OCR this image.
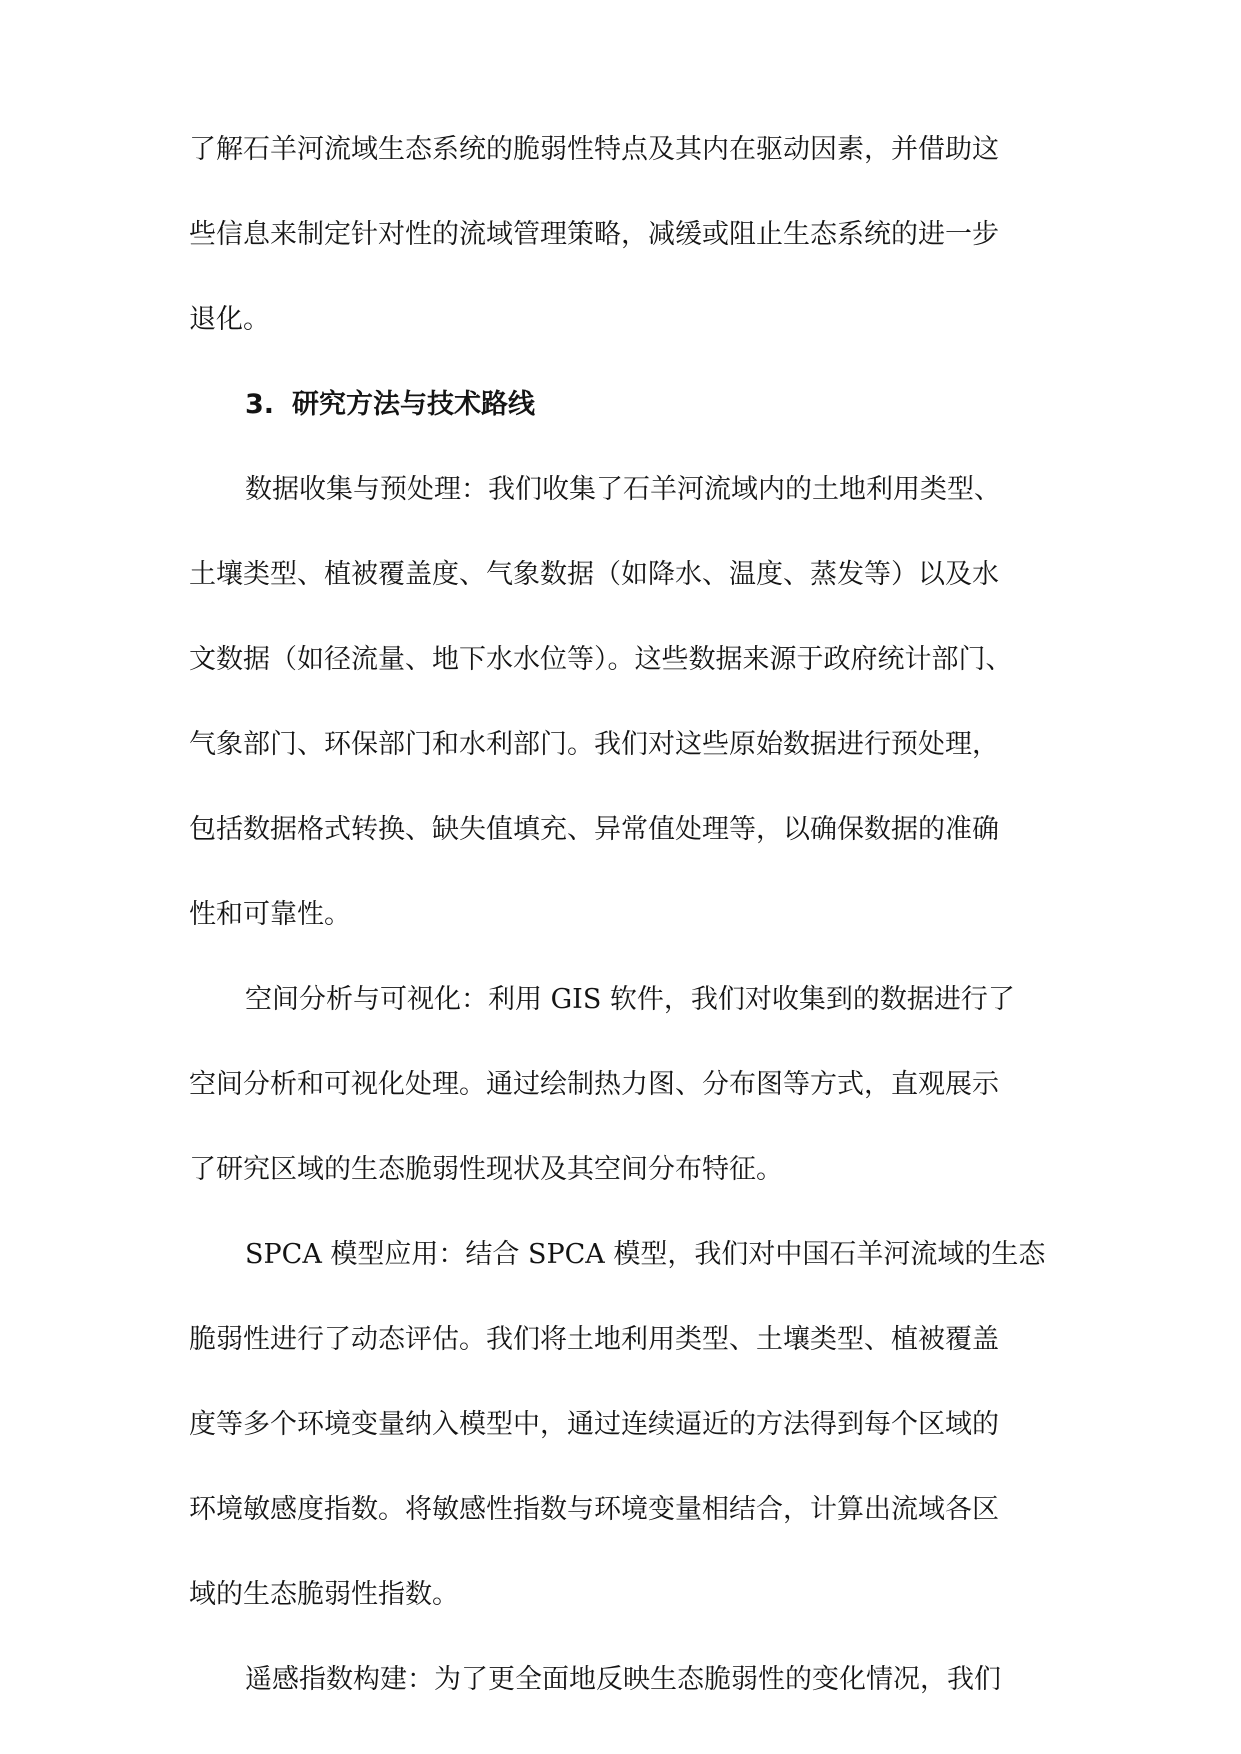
了解石羊河流域生态系统的脆弱性特点及其内在驱动因素，并借助这
些信息来制定针对性的流域管理策略，减缓或阻止生态系统的进一步
退化。
3. 研究方法与技术路线
数据收集与预处理：我们收集了石羊河流域内的土地利用类型、
土壤类型、植被覆盖度、气象数据（如降水、温度、蒸发等）以及水
文数据（如径流量、地下水水位等）。这些数据来源于政府统计部门、
气象部门、环保部门和水利部门。我们对这些原始数据进行预处理，
包括数据格式转换、缺失值填充、异常值处理等，以确保数据的准确
性和可靠性。
空间分析与可视化：利用 GIS 软件，我们对收集到的数据进行了
空间分析和可视化处理。通过绘制热力图、分布图等方式，直观展示
了研究区域的生态脆弱性现状及其空间分布特征。
SPCA 模型应用：结合 SPCA 模型，我们对中国石羊河流域的生态
脆弱性进行了动态评估。我们将土地利用类型、土壤类型、植被覆盖
度等多个环境变量纳入模型中，通过连续逼近的方法得到每个区域的
环境敏感度指数。将敏感性指数与环境变量相结合，计算出流域各区
域的生态脆弱性指数。
遥感指数构建：为了更全面地反映生态脆弱性的变化情况，我们
